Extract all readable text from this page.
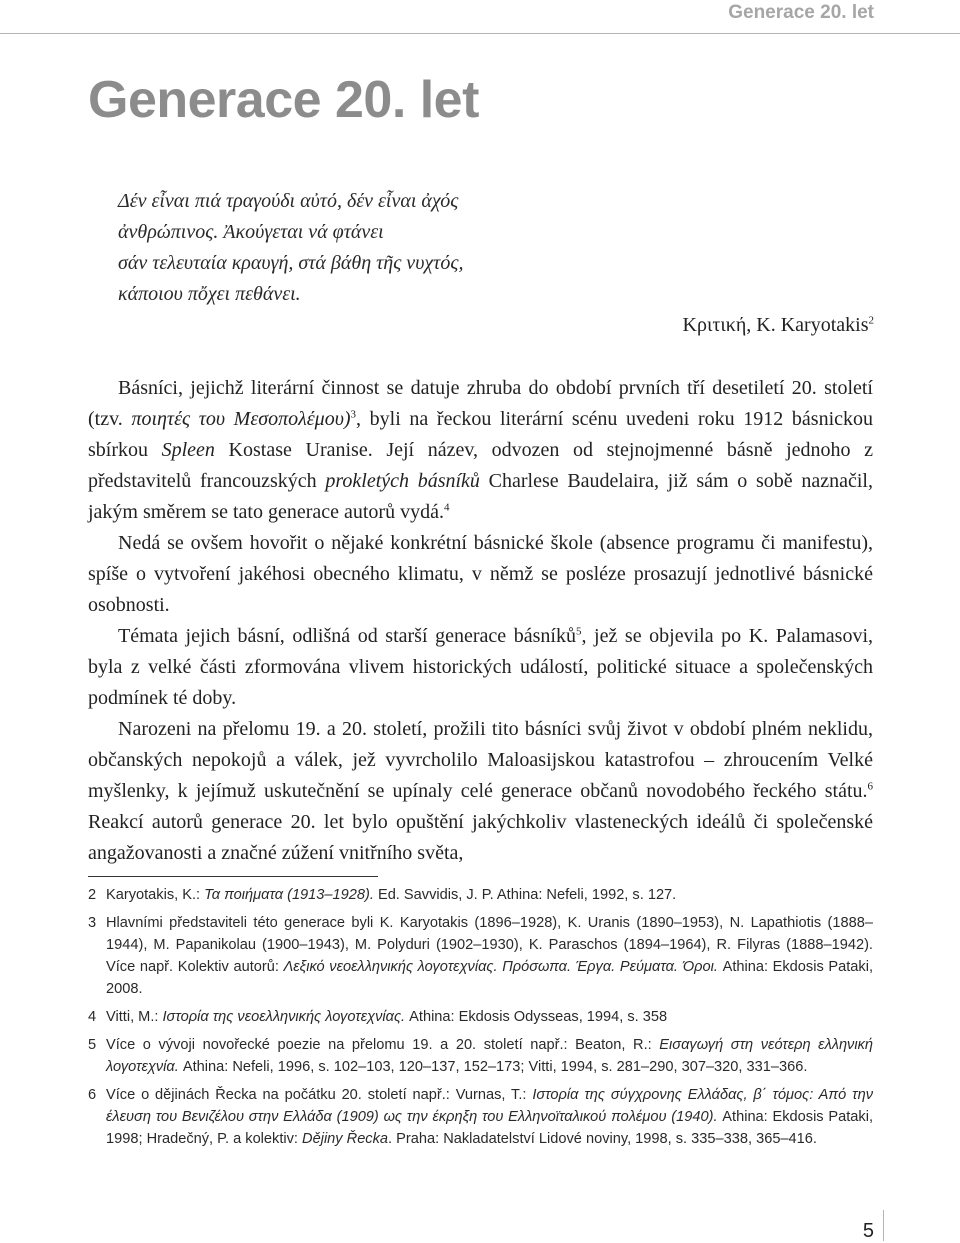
Generace 20. let
Generace 20. let
Δέν εἶναι πιά τραγούδι αὐτό, δέν εἶναι ἀχός
ἀνθρώπινος. Ἀκούγεται νά φτάνει
σάν τελευταία κραυγή, στά βάθη τῆς νυχτός,
κάποιου πὄχει πεθάνει.
Κριτική, K. Karyotakis$^2$

Básníci, jejichž literární činnost se datuje zhruba do období prvních tří desetiletí 20. století (tzv. ποιητές του Μεσοπολέμου)$^3$, byli na řeckou literární scénu uvedeni roku 1912 básnickou sbírkou Spleen Kostase Uranise. Její název, odvozen od stejnojmenné básně jednoho z představitelů francouzských prokletých básníků Charlese Baudelaira, již sám o sobě naznačil, jakým směrem se tato generace autorů vydá.$^4$

Nedá se ovšem hovořit o nějaké konkrétní básnické škole (absence programu či manifestu), spíše o vytvoření jakéhosi obecného klimatu, v němž se posléze prosazují jednotlivé básnické osobnosti.

Témata jejich básní, odlišná od starší generace básníků$^5$, jež se objevila po K. Palamasovi, byla z velké části zformována vlivem historických událostí, politické situace a společenských podmínek té doby.

Narozeni na přelomu 19. a 20. století, prožili tito básníci svůj život v období plném neklidu, občanských nepokojů a válek, jež vyvrcholilo Maloasijskou katastrofou – zhroucením Velké myšlenky, k jejímuž uskutečnění se upínaly celé generace občanů novodobého řeckého státu.$^6$ Reakcí autorů generace 20. let bylo opuštění jakýchkoliv vlasteneckých ideálů či společenské angažovanosti a značné zúžení vnitřního světa,

2 Karyotakis, K.: Τα ποιήματα (1913–1928). Ed. Savvidis, J. P. Athina: Nefeli, 1992, s. 127.
3 Hlavními představiteli této generace byli K. Karyotakis (1896–1928), K. Uranis (1890–1953), N. Lapathiotis (1888–1944), M. Papanikolau (1900–1943), M. Polyduri (1902–1930), K. Paraschos (1894–1964), R. Filyras (1888–1942). Více např. Kolektiv autorů: Λεξικό νεοελληνικής λογοτεχνίας. Πρόσωπα. Έργα. Ρεύματα. Όροι. Athina: Ekdosis Pataki, 2008.
4 Vitti, M.: Ιστορία της νεοελληνικής λογοτεχνίας. Athina: Ekdosis Odysseas, 1994, s. 358
5 Více o vývoji novořecké poezie na přelomu 19. a 20. století např.: Beaton, R.: Εισαγωγή στη νεότερη ελληνική λογοτεχνία. Athina: Nefeli, 1996, s. 102–103, 120–137, 152–173; Vitti, 1994, s. 281–290, 307–320, 331–366.
6 Více o dějinách Řecka na počátku 20. století např.: Vurnas, T.: Ιστορία της σύγχρονης Ελλάδας, β΄ τόμος: Από την έλευση του Βενιζέλου στην Ελλάδα (1909) ως την έκρηξη του Ελληνοϊταλικού πολέμου (1940). Athina: Ekdosis Pataki, 1998; Hradečný, P. a kolektiv: Dějiny Řecka. Praha: Nakladatelství Lidové noviny, 1998, s. 335–338, 365–416.
5
